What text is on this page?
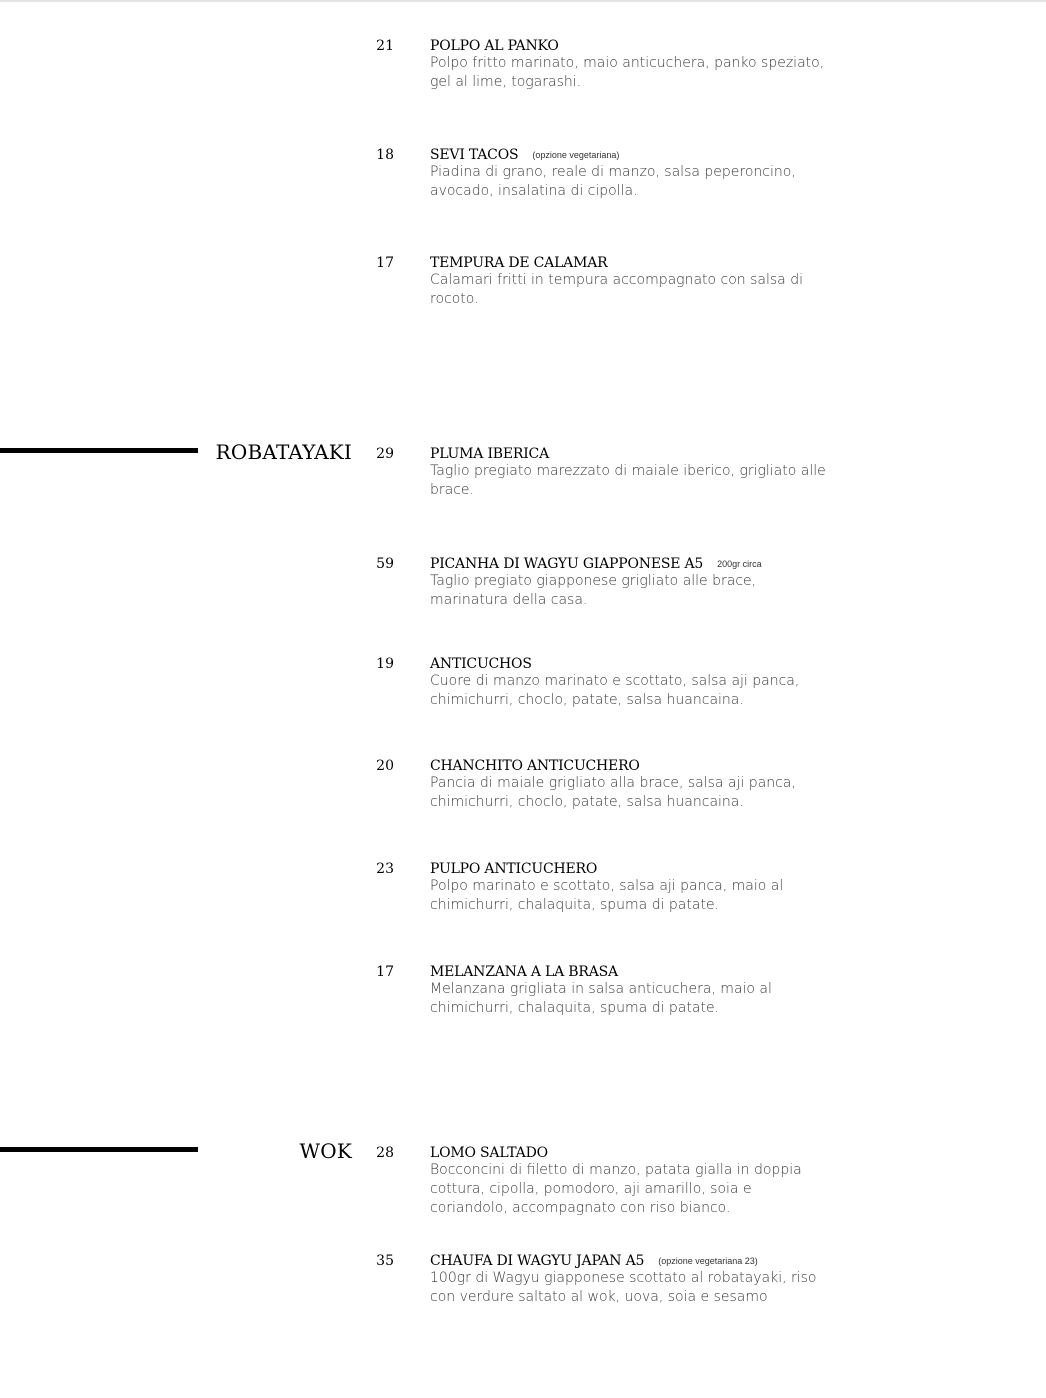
21	POLPO AL PANKO
Polpo fritto marinato, maio anticuchera, panko speziato, gel al lime, togarashi.
18	SEVI TACOS (opzione vegetariana)
Piadina di grano, reale di manzo, salsa peperoncino, avocado, insalatina di cipolla.
17	TEMPURA DE CALAMAR
Calamari fritti in tempura accompagnato con salsa di rocoto.
ROBATAYAKI	29	PLUMA IBERICA
Taglio pregiato marezzato di maiale iberico, grigliato alle brace.
59	PICANHA DI WAGYU GIAPPONESE A5 200gr circa
Taglio pregiato giapponese grigliato alle brace, marinatura della casa.
19	ANTICUCHOS
Cuore di manzo marinato e scottato, salsa aji panca, chimichurri, choclo, patate, salsa huancaina.
20	CHANCHITO ANTICUCHERO
Pancia di maiale grigliato alla brace, salsa aji panca, chimichurri, choclo, patate, salsa huancaina.
23	PULPO ANTICUCHERO
Polpo marinato e scottato, salsa aji panca, maio al chimichurri, chalaquita, spuma di patate.
17	MELANZANA A LA BRASA
Melanzana grigliata in salsa anticuchera, maio al chimichurri, chalaquita, spuma di patate.
WOK	28	LOMO SALTADO
Bocconcini di filetto di manzo, patata gialla in doppia cottura, cipolla, pomodoro, aji amarillo, soia e coriandolo, accompagnato con riso bianco.
35	CHAUFA DI WAGYU JAPAN A5 (opzione vegetariana 23)
100gr di Wagyu giapponese scottato al robatayaki, riso con verdure saltato al wok, uova, soia e sesamo
